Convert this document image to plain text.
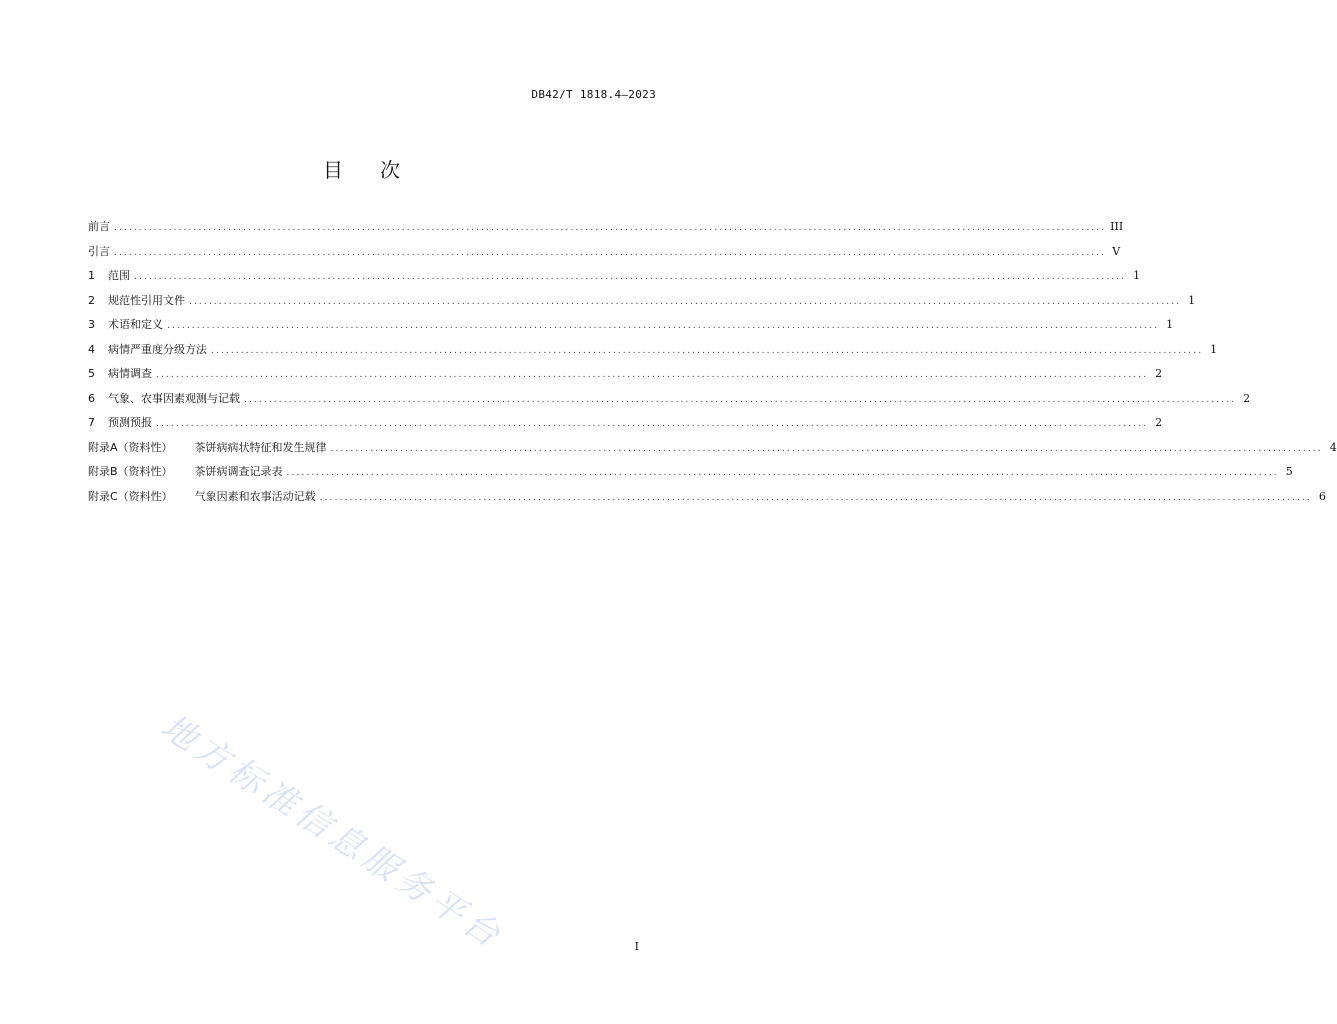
DB42/T 1818.4—2023
目 次
前言 ........................................................................................................................................................................................................ III
引言 ........................................................................................................................................................................................................ V
1	范围 ........................................................................................................................................................................................................ 1
2	规范性引用文件 ........................................................................................................................................................................................................ 1
3	术语和定义 ........................................................................................................................................................................................................ 1
4	病情严重度分级方法 ........................................................................................................................................................................................................ 1
5	病情调查 ........................................................................................................................................................................................................ 2
6	气象、农事因素观测与记载 ........................................................................................................................................................................................................ 2
7	预测预报 ........................................................................................................................................................................................................ 2
附录A（资料性） 茶饼病病状特征和发生规律 ........................................................................................................................................................................................................ 4
附录B（资料性） 茶饼病调查记录表 ........................................................................................................................................................................................................ 5
附录C（资料性） 气象因素和农事活动记载 ........................................................................................................................................................................................................ 6
地方标准信息服务平台	I
